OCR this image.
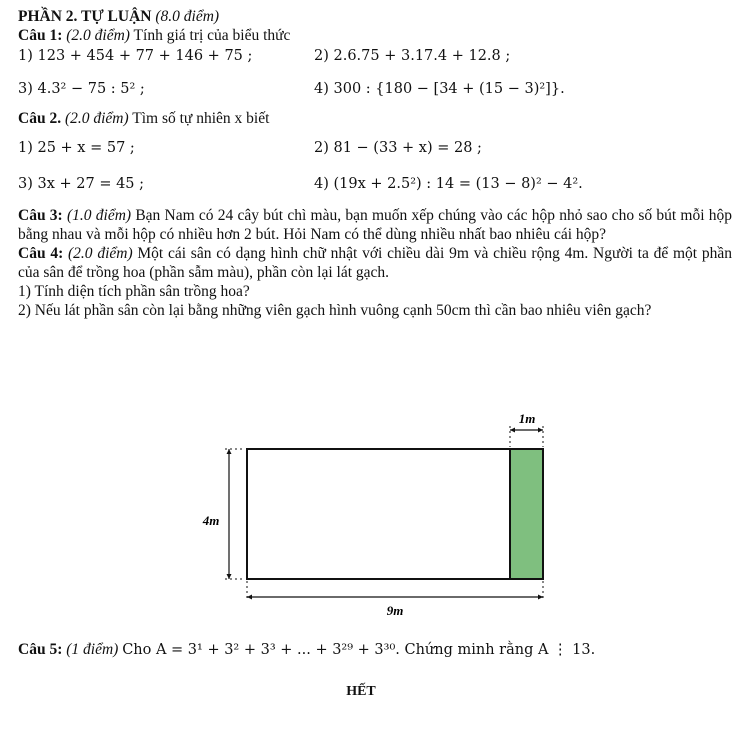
PHẦN 2. TỰ LUẬN (8.0 điểm)
Câu 1: (2.0 điểm) Tính giá trị của biểu thức
1) 123 + 454 + 77 + 146 + 75 ;	2) 2.6.75 + 3.17.4 + 12.8 ;
3) 4.3² − 75 : 5² ;	4) 300 : {180 − [34 + (15 − 3)²]}.
Câu 2. (2.0 điểm) Tìm số tự nhiên x biết
1) 25 + x = 57 ;	2) 81 − (33 + x) = 28 ;
3) 3x + 27 = 45 ;	4) (19x + 2.5²) : 14 = (13 − 8)² − 4².
Câu 3: (1.0 điểm) Bạn Nam có 24 cây bút chì màu, bạn muốn xếp chúng vào các hộp nhỏ sao cho số bút mỗi hộp bằng nhau và mỗi hộp có nhiều hơn 2 bút. Hỏi Nam có thể dùng nhiều nhất bao nhiêu cái hộp?
Câu 4: (2.0 điểm) Một cái sân có dạng hình chữ nhật với chiều dài 9m và chiều rộng 4m. Người ta để một phần của sân để trồng hoa (phần sẫm màu), phần còn lại lát gạch.
1) Tính diện tích phần sân trồng hoa?
2) Nếu lát phần sân còn lại bằng những viên gạch hình vuông cạnh 50cm thì cần bao nhiêu viên gạch?
1m
4m
9m
Câu 5: (1 điểm) Cho A = 3¹ + 3² + 3³ + ... + 3²⁹ + 3³⁰. Chứng minh rằng A ⋮ 13.
HẾT
